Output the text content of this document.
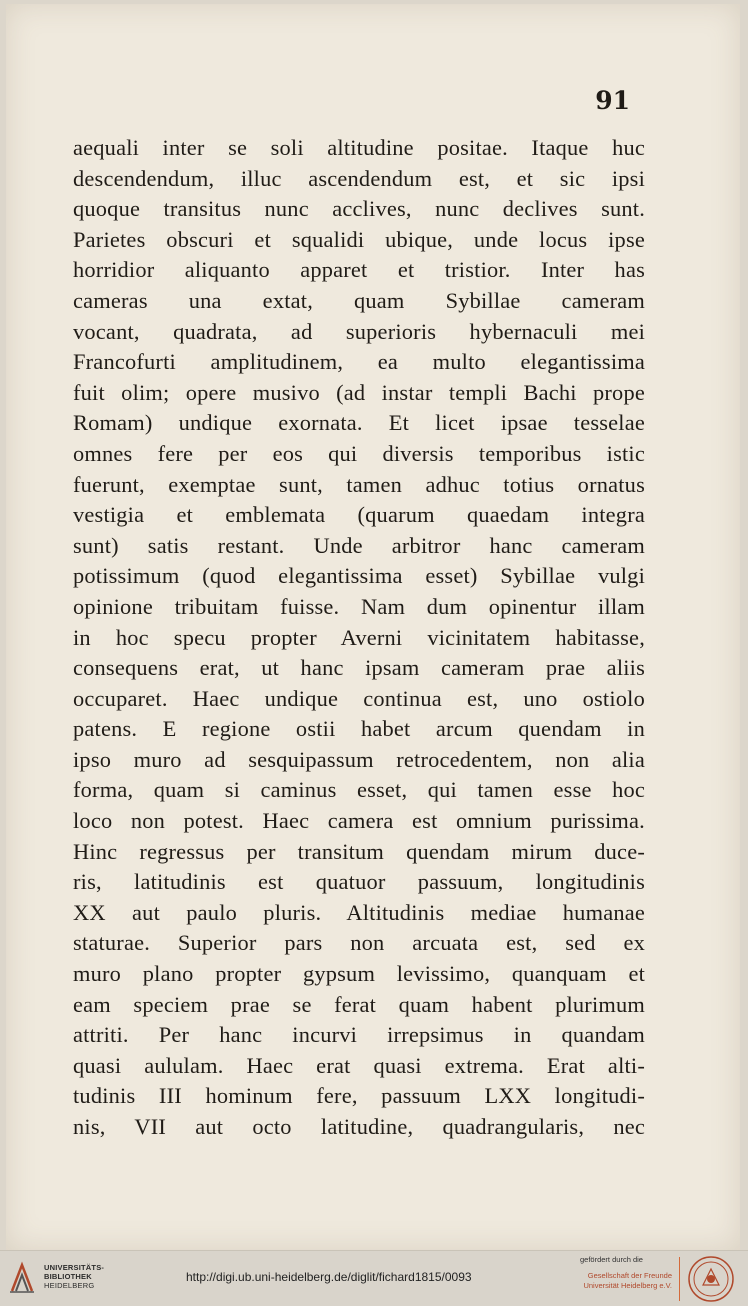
91
aequali inter se soli altitudine positae. Itaque huc
descendendum, illuc ascendendum est, et sic ipsi
quoque transitus nunc acclives, nunc declives sunt.
Parietes obscuri et squalidi ubique, unde locus ipse
horridior aliquanto apparet et tristior. Inter has
cameras una extat, quam Sybillae cameram
vocant, quadrata, ad superioris hybernaculi mei
Francofurti amplitudinem, ea multo elegantissima
fuit olim; opere musivo (ad instar templi Bachi prope
Romam) undique exornata. Et licet ipsae tesselae
omnes fere per eos qui diversis temporibus istic
fuerunt, exemptae sunt, tamen adhuc totius ornatus
vestigia et emblemata (quarum quaedam integra
sunt) satis restant. Unde arbitror hanc cameram
potissimum (quod elegantissima esset) Sybillae vulgi
opinione tribuitam fuisse. Nam dum opinentur illam
in hoc specu propter Averni vicinitatem habitasse,
consequens erat, ut hanc ipsam cameram prae aliis
occuparet. Haec undique continua est, uno ostiolo
patens. E regione ostii habet arcum quendam in
ipso muro ad sesquipassum retrocedentem, non alia
forma, quam si caminus esset, qui tamen esse hoc
loco non potest. Haec camera est omnium purissima.
Hinc regressus per transitum quendam mirum duce-
ris, latitudinis est quatuor passuum, longitudinis
XX aut paulo pluris. Altitudinis mediae humanae
staturae. Superior pars non arcuata est, sed ex
muro plano propter gypsum levissimo, quanquam et
eam speciem prae se ferat quam habent plurimum
attriti. Per hanc incurvi irrepsimus in quandam
quasi aululam. Haec erat quasi extrema. Erat alti-
tudinis III hominum fere, passuum LXX longitudi-
nis, VII aut octo latitudine, quadrangularis, nec
UNIVERSITÄTS-
BIBLIOTHEK
HEIDELBERG
http://digi.ub.uni-heidelberg.de/diglit/fichard1815/0093
gefördert durch die
Gesellschaft der Freunde
Universität Heidelberg e.V.
